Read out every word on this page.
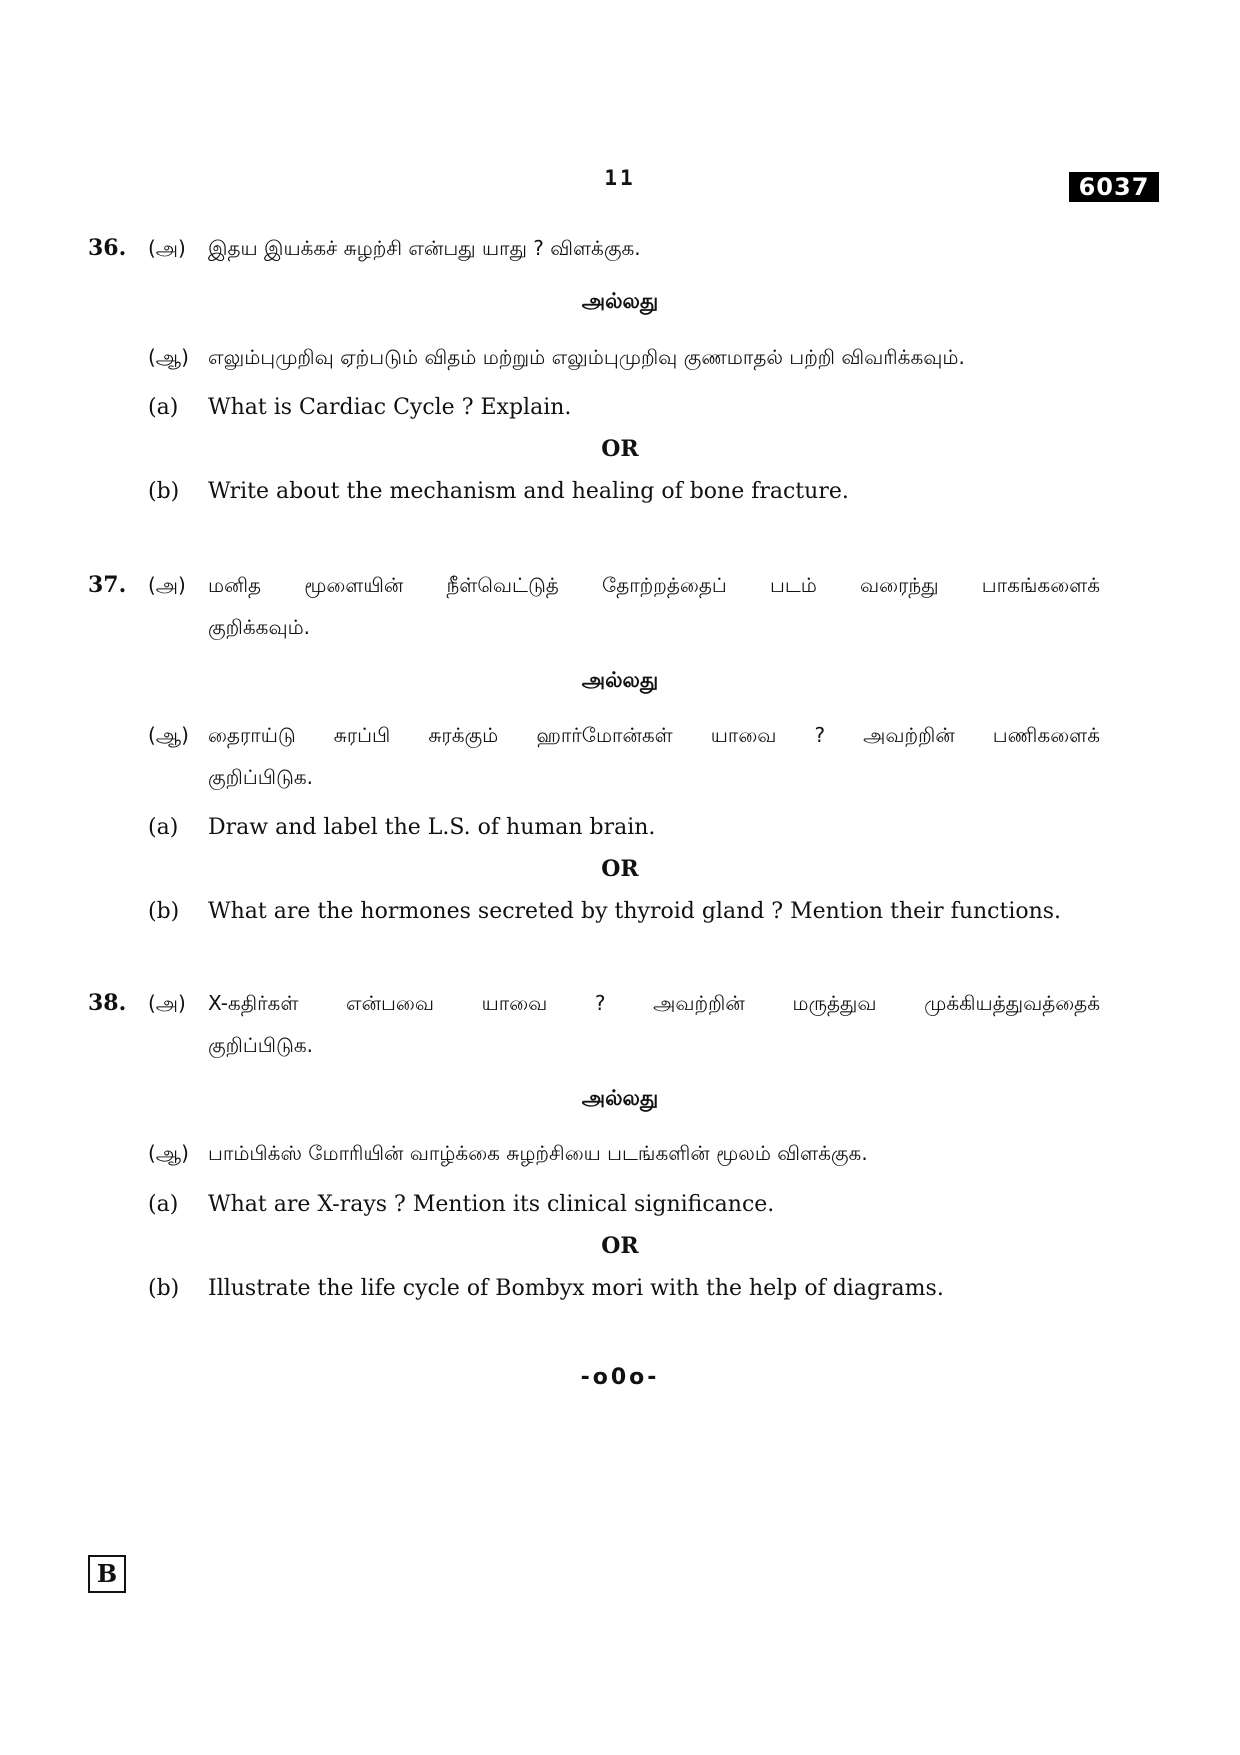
11	6037
36. (அ) இதய இயக்கச் சுழற்சி என்பது யாது ? விளக்குக.
அல்லது
(ஆ) எலும்புமுறிவு ஏற்படும் விதம் மற்றும் எலும்புமுறிவு குணமாதல் பற்றி விவரிக்கவும்.
(a) What is Cardiac Cycle ? Explain.
OR
(b) Write about the mechanism and healing of bone fracture.
37. (அ) மனித மூளையின் நீள்வெட்டுத் தோற்றத்தைப் படம் வரைந்து பாகங்களைக்
குறிக்கவும்.
அல்லது
(ஆ) தைராய்டு சுரப்பி சுரக்கும் ஹார்மோன்கள் யாவை ? அவற்றின் பணிகளைக்
குறிப்பிடுக.
(a) Draw and label the L.S. of human brain.
OR
(b) What are the hormones secreted by thyroid gland ? Mention their functions.
38. (அ) X-கதிர்கள் என்பவை யாவை ? அவற்றின் மருத்துவ முக்கியத்துவத்தைக்
குறிப்பிடுக.
அல்லது
(ஆ) பாம்பிக்ஸ் மோரியின் வாழ்க்கை சுழற்சியை படங்களின் மூலம் விளக்குக.
(a) What are X-rays ? Mention its clinical significance.
OR
(b) Illustrate the life cycle of Bombyx mori with the help of diagrams.
-o0o-
B
